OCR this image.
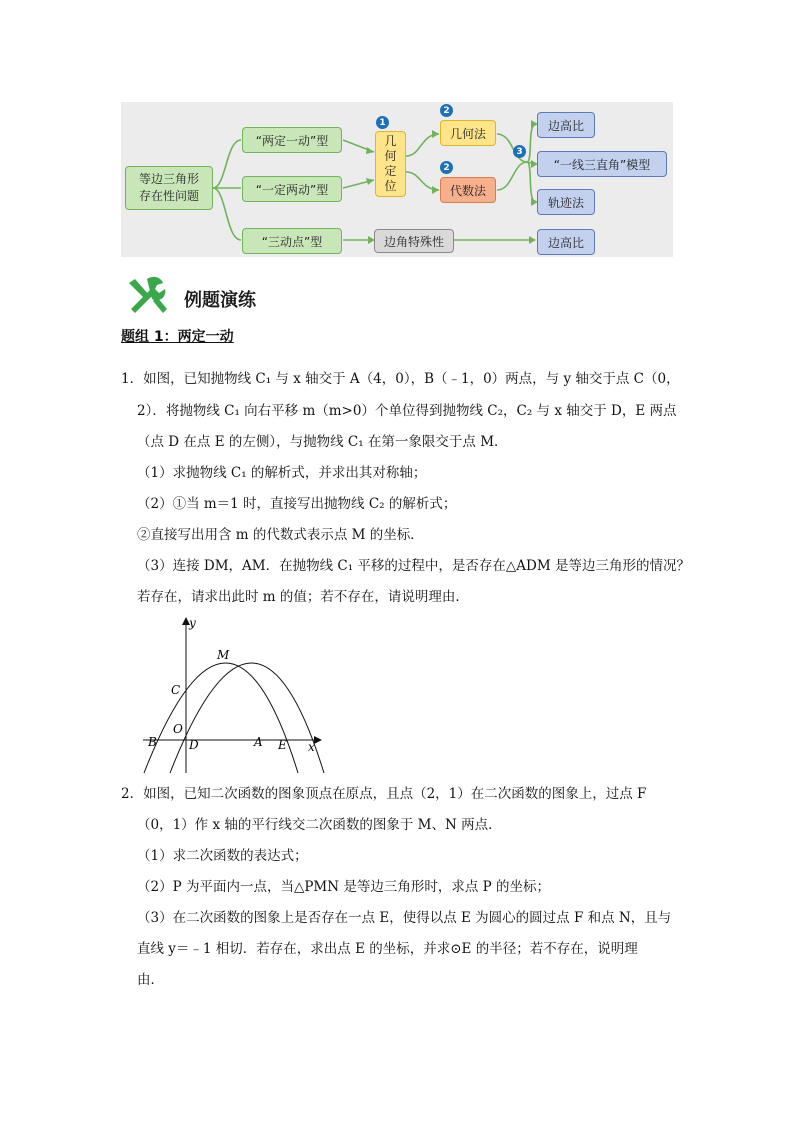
等边三角形
存在性问题
“两定一动”型
“一定两动”型
“三动点”型
几
何
定
位
几何法
代数法
边高比
“一线三直角”模型
轨迹法
边角特殊性	边高比
1
2
2
3
例题演练
题组 1：两定一动
1．如图，已知抛物线 C₁ 与 x 轴交于 A（4，0），B（﹣1，0）两点，与 y 轴交于点 C（0，
2）．将抛物线 C₁ 向右平移 m（m>0）个单位得到抛物线 C₂，C₂ 与 x 轴交于 D，E 两点
（点 D 在点 E 的左侧），与抛物线 C₁ 在第一象限交于点 M．
（1）求抛物线 C₁ 的解析式，并求出其对称轴；
（2）①当 m＝1 时，直接写出抛物线 C₂ 的解析式；
②直接写出用含 m 的代数式表示点 M 的坐标．
（3）连接 DM，AM．在抛物线 C₁ 平移的过程中，是否存在△ADM 是等边三角形的情况？
若存在，请求出此时 m 的值；若不存在，请说明理由．
y
x
M
C
O
B	D	A E
2．如图，已知二次函数的图象顶点在原点，且点（2，1）在二次函数的图象上，过点 F
（0，1）作 x 轴的平行线交二次函数的图象于 M、N 两点．
（1）求二次函数的表达式；
（2）P 为平面内一点，当△PMN 是等边三角形时，求点 P 的坐标；
（3）在二次函数的图象上是否存在一点 E，使得以点 E 为圆心的圆过点 F 和点 N，且与
直线 y＝﹣1 相切．若存在，求出点 E 的坐标，并求⊙E 的半径；若不存在，说明理
由．
